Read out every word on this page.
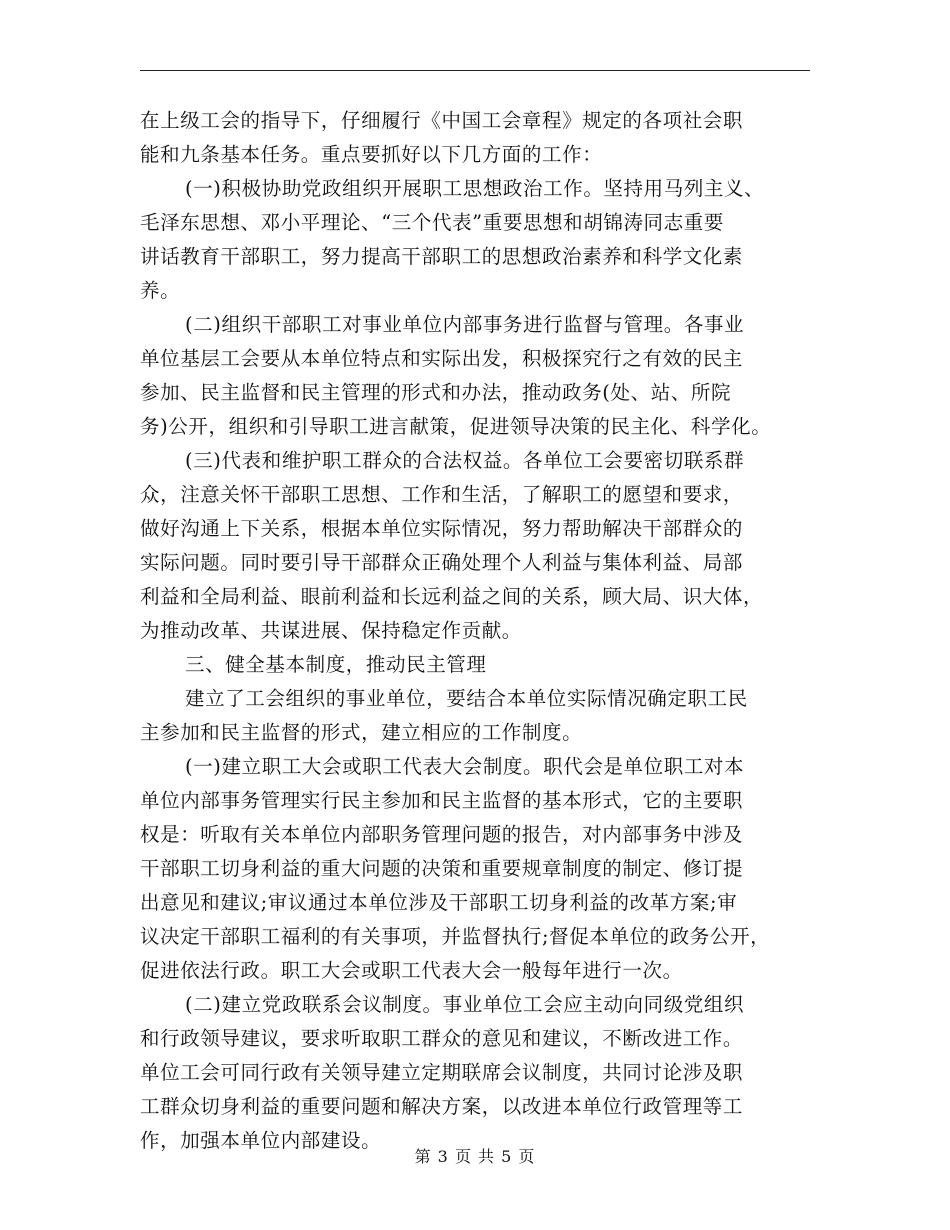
在上级工会的指导下，仔细履行《中国工会章程》规定的各项社会职
能和九条基本任务。重点要抓好以下几方面的工作：
(一)积极协助党政组织开展职工思想政治工作。坚持用马列主义、
毛泽东思想、邓小平理论、“三个代表”重要思想和胡锦涛同志重要
讲话教育干部职工，努力提高干部职工的思想政治素养和科学文化素
养。
(二)组织干部职工对事业单位内部事务进行监督与管理。各事业
单位基层工会要从本单位特点和实际出发，积极探究行之有效的民主
参加、民主监督和民主管理的形式和办法，推动政务(处、站、所院
务)公开，组织和引导职工进言献策，促进领导决策的民主化、科学化。
(三)代表和维护职工群众的合法权益。各单位工会要密切联系群
众，注意关怀干部职工思想、工作和生活，了解职工的愿望和要求，
做好沟通上下关系，根据本单位实际情况，努力帮助解决干部群众的
实际问题。同时要引导干部群众正确处理个人利益与集体利益、局部
利益和全局利益、眼前利益和长远利益之间的关系，顾大局、识大体，
为推动改革、共谋进展、保持稳定作贡献。
三、健全基本制度，推动民主管理
建立了工会组织的事业单位，要结合本单位实际情况确定职工民
主参加和民主监督的形式，建立相应的工作制度。
(一)建立职工大会或职工代表大会制度。职代会是单位职工对本
单位内部事务管理实行民主参加和民主监督的基本形式，它的主要职
权是：听取有关本单位内部职务管理问题的报告，对内部事务中涉及
干部职工切身利益的重大问题的决策和重要规章制度的制定、修订提
出意见和建议;审议通过本单位涉及干部职工切身利益的改革方案;审
议决定干部职工福利的有关事项，并监督执行;督促本单位的政务公开，
促进依法行政。职工大会或职工代表大会一般每年进行一次。
(二)建立党政联系会议制度。事业单位工会应主动向同级党组织
和行政领导建议，要求听取职工群众的意见和建议，不断改进工作。
单位工会可同行政有关领导建立定期联席会议制度，共同讨论涉及职
工群众切身利益的重要问题和解决方案，以改进本单位行政管理等工
作，加强本单位内部建设。
第 3 页 共 5 页
